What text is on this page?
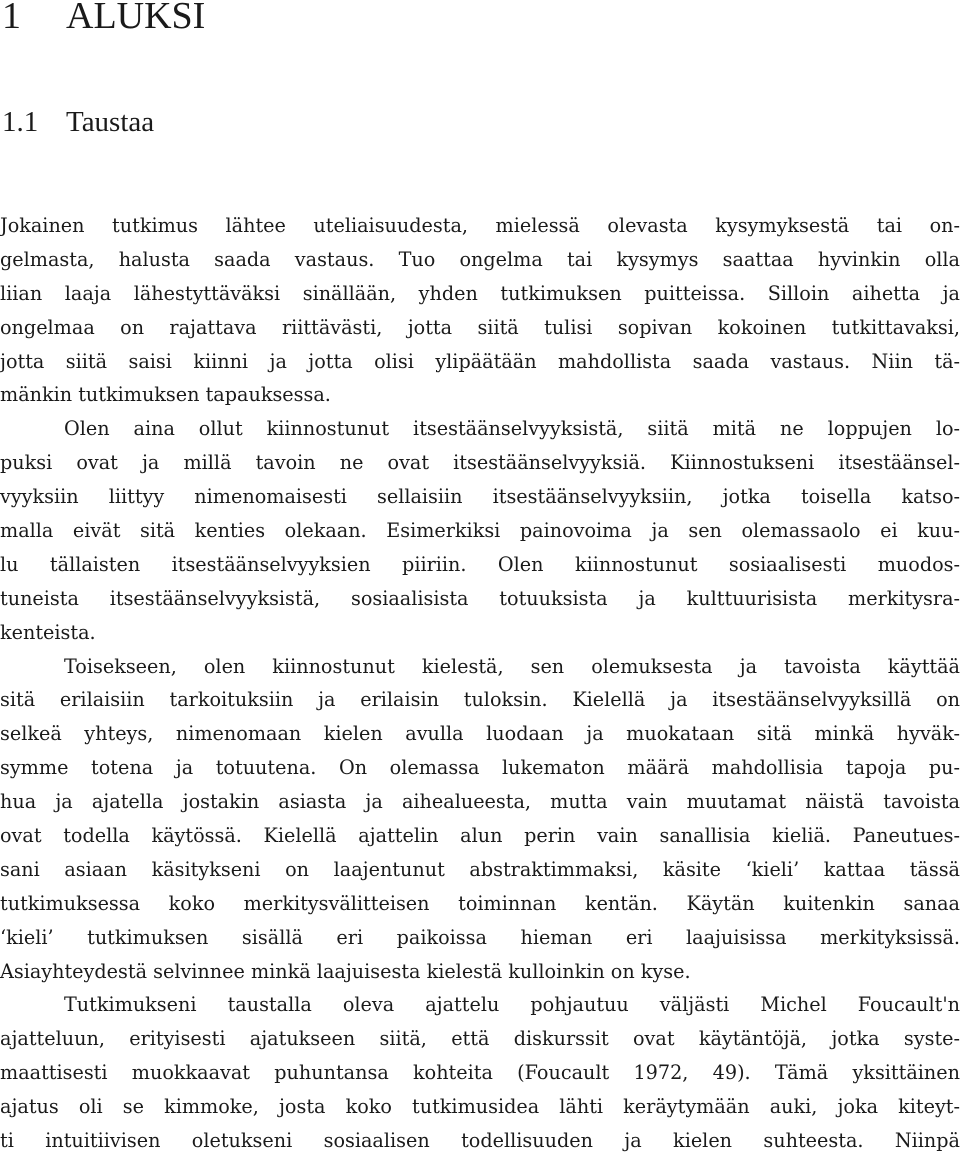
1 ALUKSI
1.1 Taustaa
Jokainen tutkimus lähtee uteliaisuudesta, mielessä olevasta kysymyksestä tai on-
gelmasta, halusta saada vastaus. Tuo ongelma tai kysymys saattaa hyvinkin olla
liian laaja lähestyttäväksi sinällään, yhden tutkimuksen puitteissa. Silloin aihetta ja
ongelmaa on rajattava riittävästi, jotta siitä tulisi sopivan kokoinen tutkittavaksi,
jotta siitä saisi kiinni ja jotta olisi ylipäätään mahdollista saada vastaus. Niin tä-
mänkin tutkimuksen tapauksessa.
Olen aina ollut kiinnostunut itsestäänselvyyksistä, siitä mitä ne loppujen lo-
puksi ovat ja millä tavoin ne ovat itsestäänselvyyksiä. Kiinnostukseni itsestäänsel-
vyyksiin liittyy nimenomaisesti sellaisiin itsestäänselvyyksiin, jotka toisella katso-
malla eivät sitä kenties olekaan. Esimerkiksi painovoima ja sen olemassaolo ei kuu-
lu tällaisten itsestäänselvyyksien piiriin. Olen kiinnostunut sosiaalisesti muodos-
tuneista itsestäänselvyyksistä, sosiaalisista totuuksista ja kulttuurisista merkitysra-
kenteista.
Toisekseen, olen kiinnostunut kielestä, sen olemuksesta ja tavoista käyttää
sitä erilaisiin tarkoituksiin ja erilaisin tuloksin. Kielellä ja itsestäänselvyyksillä on
selkeä yhteys, nimenomaan kielen avulla luodaan ja muokataan sitä minkä hyväk-
symme totena ja totuutena. On olemassa lukematon määrä mahdollisia tapoja pu-
hua ja ajatella jostakin asiasta ja aihealueesta, mutta vain muutamat näistä tavoista
ovat todella käytössä. Kielellä ajattelin alun perin vain sanallisia kieliä. Paneutues-
sani asiaan käsitykseni on laajentunut abstraktimmaksi, käsite ‘kieli’ kattaa tässä
tutkimuksessa koko merkitysvälitteisen toiminnan kentän. Käytän kuitenkin sanaa
‘kieli’ tutkimuksen sisällä eri paikoissa hieman eri laajuisissa merkityksissä.
Asiayhteydestä selvinnee minkä laajuisesta kielestä kulloinkin on kyse.
Tutkimukseni taustalla oleva ajattelu pohjautuu väljästi Michel Foucault'n
ajatteluun, erityisesti ajatukseen siitä, että diskurssit ovat käytäntöjä, jotka syste-
maattisesti muokkaavat puhuntansa kohteita (Foucault 1972, 49). Tämä yksittäinen
ajatus oli se kimmoke, josta koko tutkimusidea lähti keräytymään auki, joka kiteyt-
ti intuitiivisen oletukseni sosiaalisen todellisuuden ja kielen suhteesta. Niinpä
